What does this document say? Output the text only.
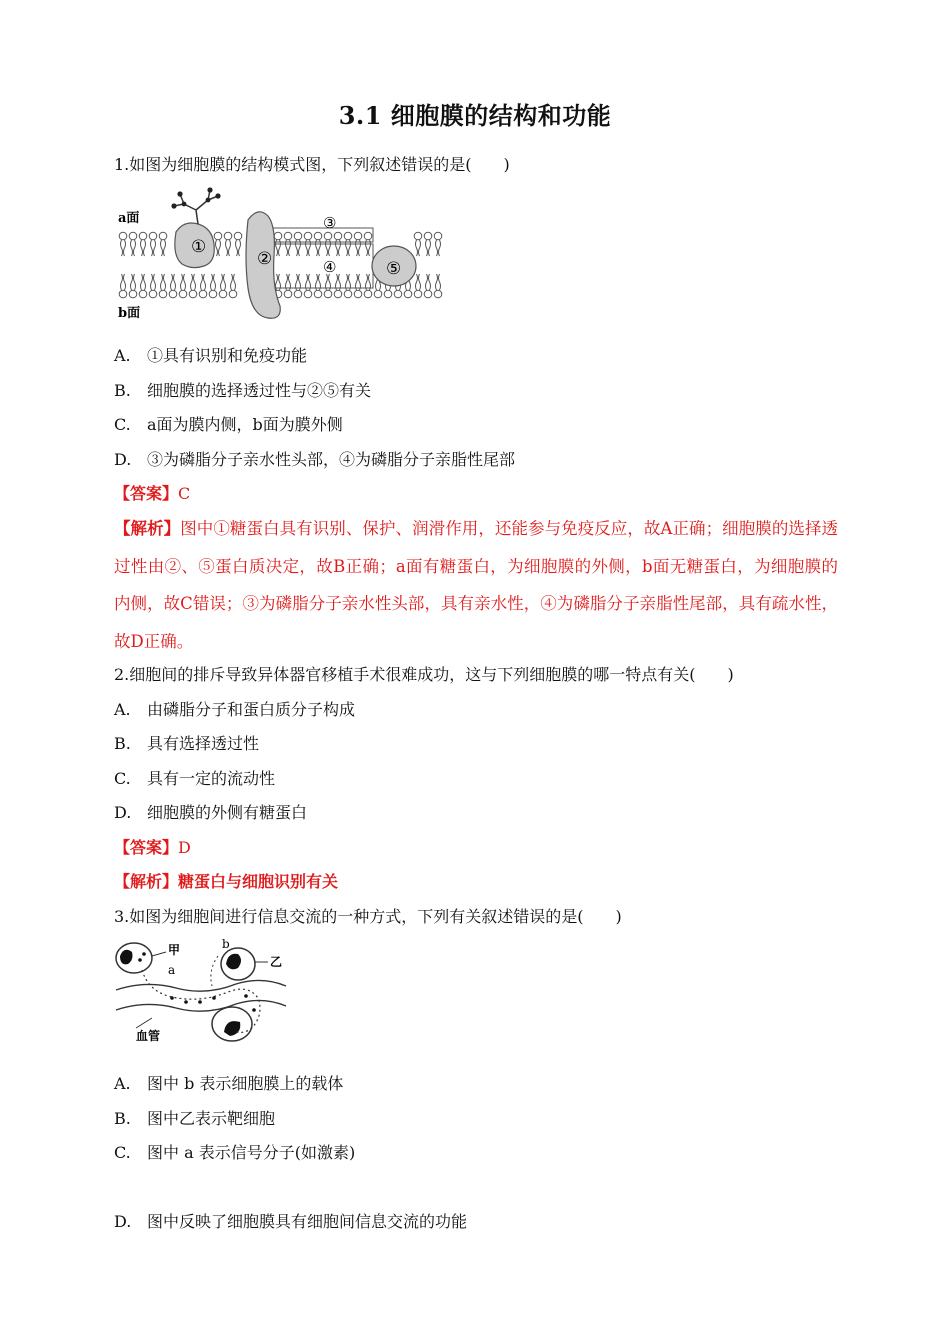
3.1 细胞膜的结构和功能
1.如图为细胞膜的结构模式图，下列叙述错误的是(　　)
a面
b面
①
②
③
④	⑤
A. ①具有识别和免疫功能
B. 细胞膜的选择透过性与②⑤有关
C. a面为膜内侧，b面为膜外侧
D. ③为磷脂分子亲水性头部，④为磷脂分子亲脂性尾部
【答案】C
【解析】图中①糖蛋白具有识别、保护、润滑作用，还能参与免疫反应，故A正确；细胞膜的选择透过性由②、⑤蛋白质决定，故B正确；a面有糖蛋白，为细胞膜的外侧，b面无糖蛋白，为细胞膜的内侧，故C错误；③为磷脂分子亲水性头部，具有亲水性，④为磷脂分子亲脂性尾部，具有疏水性，故D正确。
2.细胞间的排斥导致异体器官移植手术很难成功，这与下列细胞膜的哪一特点有关(　　)
A. 由磷脂分子和蛋白质分子构成
B. 具有选择透过性
C. 具有一定的流动性
D. 细胞膜的外侧有糖蛋白
【答案】D
【解析】糖蛋白与细胞识别有关
3.如图为细胞间进行信息交流的一种方式，下列有关叙述错误的是(　　)
甲
a
b
乙
血管
A. 图中 b 表示细胞膜上的载体
B. 图中乙表示靶细胞
C. 图中 a 表示信号分子(如激素)
D. 图中反映了细胞膜具有细胞间信息交流的功能
